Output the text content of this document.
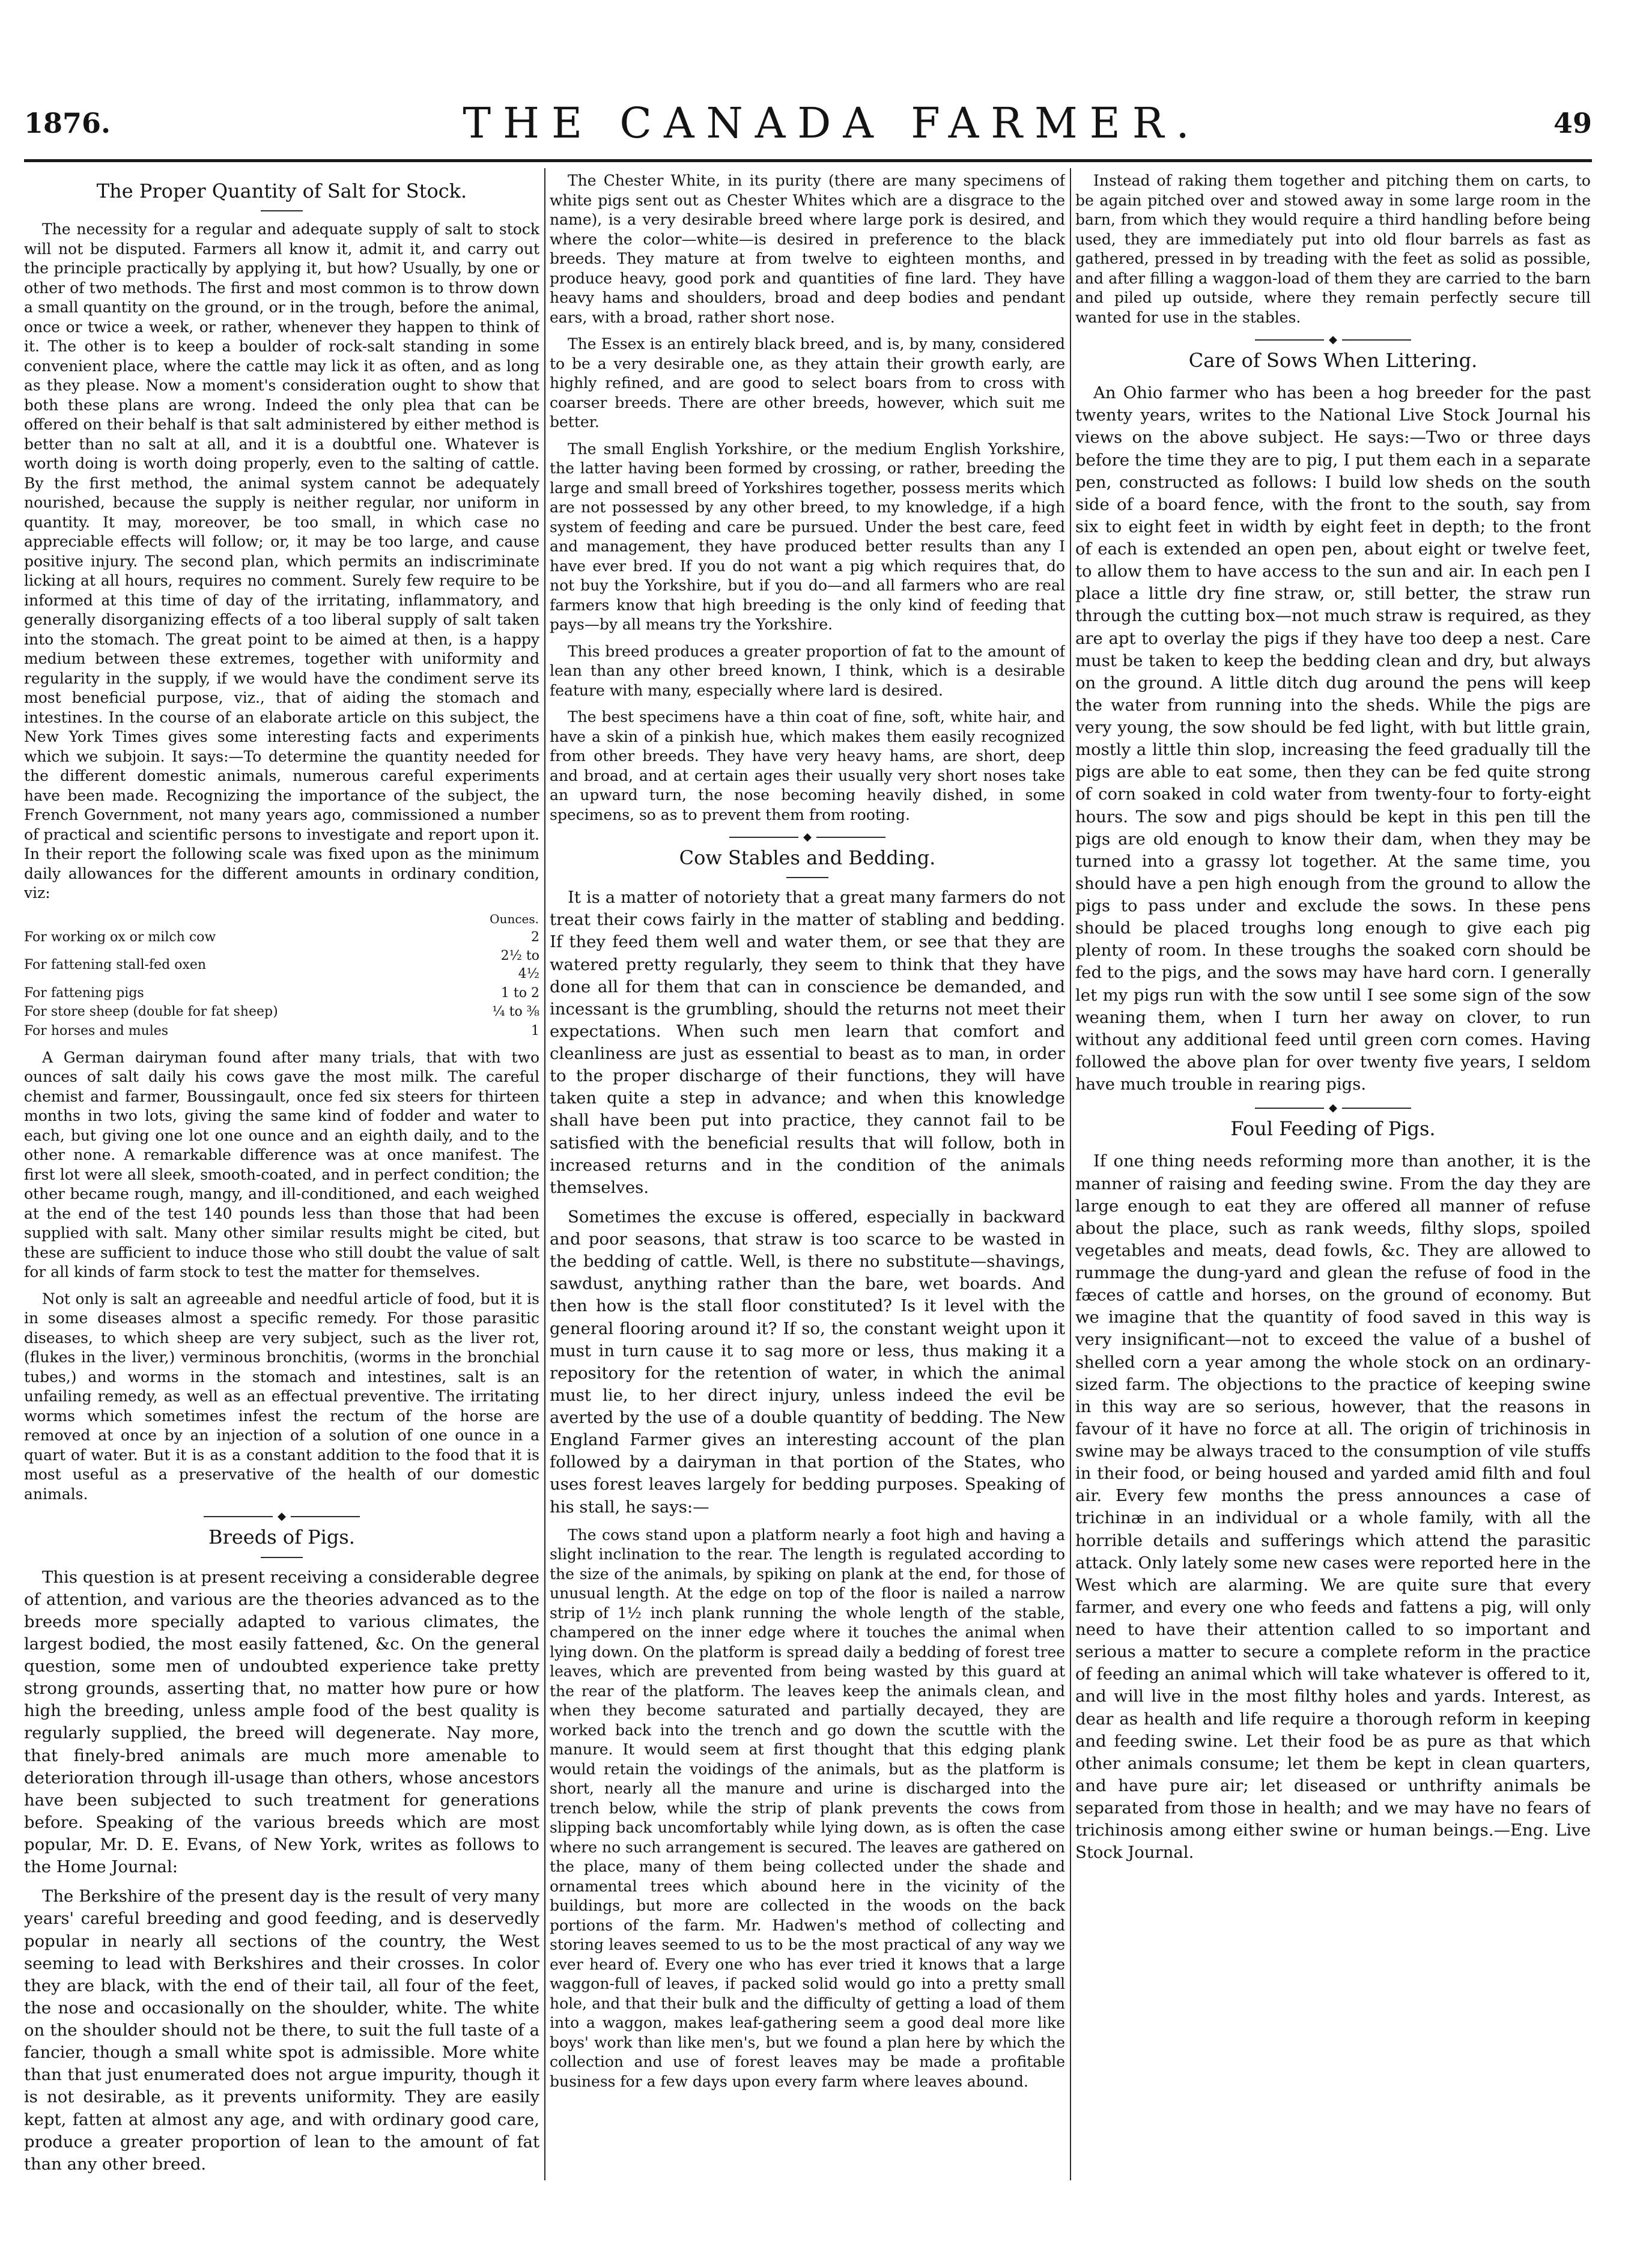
1876.	THE CANADA FARMER.	49
The Proper Quantity of Salt for Stock.

The necessity for a regular and adequate supply of salt to stock will not be disputed. Farmers all know it, admit it, and carry out the principle practically by applying it, but how? Usually, by one or other of two methods. The first and most common is to throw down a small quantity on the ground, or in the trough, before the animal, once or twice a week, or rather, whenever they happen to think of it. The other is to keep a boulder of rock-salt standing in some convenient place, where the cattle may lick it as often, and as long as they please. Now a moment's consideration ought to show that both these plans are wrong. Indeed the only plea that can be offered on their behalf is that salt administered by either method is better than no salt at all, and it is a doubtful one. Whatever is worth doing is worth doing properly, even to the salting of cattle. By the first method, the animal system cannot be adequately nourished, because the supply is neither regular, nor uniform in quantity. It may, moreover, be too small, in which case no appreciable effects will follow; or, it may be too large, and cause positive injury. The second plan, which permits an indiscriminate licking at all hours, requires no comment. Surely few require to be informed at this time of day of the irritating, inflammatory, and generally disorganizing effects of a too liberal supply of salt taken into the stomach. The great point to be aimed at then, is a happy medium between these extremes, together with uniformity and regularity in the supply, if we would have the condiment serve its most beneficial purpose, viz., that of aiding the stomach and intestines. In the course of an elaborate article on this subject, the New York Times gives some interesting facts and experiments which we subjoin. It says:—To determine the quantity needed for the different domestic animals, numerous careful experiments have been made. Recognizing the importance of the subject, the French Government, not many years ago, commissioned a number of practical and scientific persons to investigate and report upon it. In their report the following scale was fixed upon as the minimum daily allowances for the different amounts in ordinary condition, viz:

Ounces.	
For working ox or milch cow	2
For fattening stall-fed oxen	2½ to 4½
For fattening pigs	1 to 2
For store sheep (double for fat sheep)	¼ to ⅜
For horses and mules	1

A German dairyman found after many trials, that with two ounces of salt daily his cows gave the most milk. The careful chemist and farmer, Boussingault, once fed six steers for thirteen months in two lots, giving the same kind of fodder and water to each, but giving one lot one ounce and an eighth daily, and to the other none. A remarkable difference was at once manifest. The first lot were all sleek, smooth-coated, and in perfect condition; the other became rough, mangy, and ill-conditioned, and each weighed at the end of the test 140 pounds less than those that had been supplied with salt. Many other similar results might be cited, but these are sufficient to induce those who still doubt the value of salt for all kinds of farm stock to test the matter for themselves.

Not only is salt an agreeable and needful article of food, but it is in some diseases almost a specific remedy. For those parasitic diseases, to which sheep are very subject, such as the liver rot, (flukes in the liver,) verminous bronchitis, (worms in the bronchial tubes,) and worms in the stomach and intestines, salt is an unfailing remedy, as well as an effectual preventive. The irritating worms which sometimes infest the rectum of the horse are removed at once by an injection of a solution of one ounce in a quart of water. But it is as a constant addition to the food that it is most useful as a preservative of the health of our domestic animals.

◆
Breeds of Pigs.

This question is at present receiving a considerable degree of attention, and various are the theories advanced as to the breeds more specially adapted to various climates, the largest bodied, the most easily fattened, &c. On the general question, some men of undoubted experience take pretty strong grounds, asserting that, no matter how pure or how high the breeding, unless ample food of the best quality is regularly supplied, the breed will degenerate. Nay more, that finely-bred animals are much more amenable to deterioration through ill-usage than others, whose ancestors have been subjected to such treatment for generations before. Speaking of the various breeds which are most popular, Mr. D. E. Evans, of New York, writes as follows to the Home Journal:

The Berkshire of the present day is the result of very many years' careful breeding and good feeding, and is deservedly popular in nearly all sections of the country, the West seeming to lead with Berkshires and their crosses. In color they are black, with the end of their tail, all four of the feet, the nose and occasionally on the shoulder, white. The white on the shoulder should not be there, to suit the full taste of a fancier, though a small white spot is admissible. More white than that just enumerated does not argue impurity, though it is not desirable, as it prevents uniformity. They are easily kept, fatten at almost any age, and with ordinary good care, produce a greater proportion of lean to the amount of fat than any other breed.

The Chester White, in its purity (there are many specimens of white pigs sent out as Chester Whites which are a disgrace to the name), is a very desirable breed where large pork is desired, and where the color—white—is desired in preference to the black breeds. They mature at from twelve to eighteen months, and produce heavy, good pork and quantities of fine lard. They have heavy hams and shoulders, broad and deep bodies and pendant ears, with a broad, rather short nose.

The Essex is an entirely black breed, and is, by many, considered to be a very desirable one, as they attain their growth early, are highly refined, and are good to select boars from to cross with coarser breeds. There are other breeds, however, which suit me better.

The small English Yorkshire, or the medium English Yorkshire, the latter having been formed by crossing, or rather, breeding the large and small breed of Yorkshires together, possess merits which are not possessed by any other breed, to my knowledge, if a high system of feeding and care be pursued. Under the best care, feed and management, they have produced better results than any I have ever bred. If you do not want a pig which requires that, do not buy the Yorkshire, but if you do—and all farmers who are real farmers know that high breeding is the only kind of feeding that pays—by all means try the Yorkshire.

This breed produces a greater proportion of fat to the amount of lean than any other breed known, I think, which is a desirable feature with many, especially where lard is desired.

The best specimens have a thin coat of fine, soft, white hair, and have a skin of a pinkish hue, which makes them easily recognized from other breeds. They have very heavy hams, are short, deep and broad, and at certain ages their usually very short noses take an upward turn, the nose becoming heavily dished, in some specimens, so as to prevent them from rooting.

◆
Cow Stables and Bedding.

It is a matter of notoriety that a great many farmers do not treat their cows fairly in the matter of stabling and bedding. If they feed them well and water them, or see that they are watered pretty regularly, they seem to think that they have done all for them that can in conscience be demanded, and incessant is the grumbling, should the returns not meet their expectations. When such men learn that comfort and cleanliness are just as essential to beast as to man, in order to the proper discharge of their functions, they will have taken quite a step in advance; and when this knowledge shall have been put into practice, they cannot fail to be satisfied with the beneficial results that will follow, both in increased returns and in the condition of the animals themselves.

Sometimes the excuse is offered, especially in backward and poor seasons, that straw is too scarce to be wasted in the bedding of cattle. Well, is there no substitute—shavings, sawdust, anything rather than the bare, wet boards. And then how is the stall floor constituted? Is it level with the general flooring around it? If so, the constant weight upon it must in turn cause it to sag more or less, thus making it a repository for the retention of water, in which the animal must lie, to her direct injury, unless indeed the evil be averted by the use of a double quantity of bedding. The New England Farmer gives an interesting account of the plan followed by a dairyman in that portion of the States, who uses forest leaves largely for bedding purposes. Speaking of his stall, he says:—

The cows stand upon a platform nearly a foot high and having a slight inclination to the rear. The length is regulated according to the size of the animals, by spiking on plank at the end, for those of unusual length. At the edge on top of the floor is nailed a narrow strip of 1½ inch plank running the whole length of the stable, champered on the inner edge where it touches the animal when lying down. On the platform is spread daily a bedding of forest tree leaves, which are prevented from being wasted by this guard at the rear of the platform. The leaves keep the animals clean, and when they become saturated and partially decayed, they are worked back into the trench and go down the scuttle with the manure. It would seem at first thought that this edging plank would retain the voidings of the animals, but as the platform is short, nearly all the manure and urine is discharged into the trench below, while the strip of plank prevents the cows from slipping back uncomfortably while lying down, as is often the case where no such arrangement is secured. The leaves are gathered on the place, many of them being collected under the shade and ornamental trees which abound here in the vicinity of the buildings, but more are collected in the woods on the back portions of the farm. Mr. Hadwen's method of collecting and storing leaves seemed to us to be the most practical of any way we ever heard of. Every one who has ever tried it knows that a large waggon-full of leaves, if packed solid would go into a pretty small hole, and that their bulk and the difficulty of getting a load of them into a waggon, makes leaf-gathering seem a good deal more like boys' work than like men's, but we found a plan here by which the collection and use of forest leaves may be made a profitable business for a few days upon every farm where leaves abound.

Instead of raking them together and pitching them on carts, to be again pitched over and stowed away in some large room in the barn, from which they would require a third handling before being used, they are immediately put into old flour barrels as fast as gathered, pressed in by treading with the feet as solid as possible, and after filling a waggon-load of them they are carried to the barn and piled up outside, where they remain perfectly secure till wanted for use in the stables.

◆
Care of Sows When Littering.

An Ohio farmer who has been a hog breeder for the past twenty years, writes to the National Live Stock Journal his views on the above subject. He says:—Two or three days before the time they are to pig, I put them each in a separate pen, constructed as follows: I build low sheds on the south side of a board fence, with the front to the south, say from six to eight feet in width by eight feet in depth; to the front of each is extended an open pen, about eight or twelve feet, to allow them to have access to the sun and air. In each pen I place a little dry fine straw, or, still better, the straw run through the cutting box—not much straw is required, as they are apt to overlay the pigs if they have too deep a nest. Care must be taken to keep the bedding clean and dry, but always on the ground. A little ditch dug around the pens will keep the water from running into the sheds. While the pigs are very young, the sow should be fed light, with but little grain, mostly a little thin slop, increasing the feed gradually till the pigs are able to eat some, then they can be fed quite strong of corn soaked in cold water from twenty-four to forty-eight hours. The sow and pigs should be kept in this pen till the pigs are old enough to know their dam, when they may be turned into a grassy lot together. At the same time, you should have a pen high enough from the ground to allow the pigs to pass under and exclude the sows. In these pens should be placed troughs long enough to give each pig plenty of room. In these troughs the soaked corn should be fed to the pigs, and the sows may have hard corn. I generally let my pigs run with the sow until I see some sign of the sow weaning them, when I turn her away on clover, to run without any additional feed until green corn comes. Having followed the above plan for over twenty five years, I seldom have much trouble in rearing pigs.

◆
Foul Feeding of Pigs.

If one thing needs reforming more than another, it is the manner of raising and feeding swine. From the day they are large enough to eat they are offered all manner of refuse about the place, such as rank weeds, filthy slops, spoiled vegetables and meats, dead fowls, &c. They are allowed to rummage the dung-yard and glean the refuse of food in the fæces of cattle and horses, on the ground of economy. But we imagine that the quantity of food saved in this way is very insignificant—not to exceed the value of a bushel of shelled corn a year among the whole stock on an ordinary-sized farm. The objections to the practice of keeping swine in this way are so serious, however, that the reasons in favour of it have no force at all. The origin of trichinosis in swine may be always traced to the consumption of vile stuffs in their food, or being housed and yarded amid filth and foul air. Every few months the press announces a case of trichinæ in an individual or a whole family, with all the horrible details and sufferings which attend the parasitic attack. Only lately some new cases were reported here in the West which are alarming. We are quite sure that every farmer, and every one who feeds and fattens a pig, will only need to have their attention called to so important and serious a matter to secure a complete reform in the practice of feeding an animal which will take whatever is offered to it, and will live in the most filthy holes and yards. Interest, as dear as health and life require a thorough reform in keeping and feeding swine. Let their food be as pure as that which other animals consume; let them be kept in clean quarters, and have pure air; let diseased or unthrifty animals be separated from those in health; and we may have no fears of trichinosis among either swine or human beings.—Eng. Live Stock Journal.
